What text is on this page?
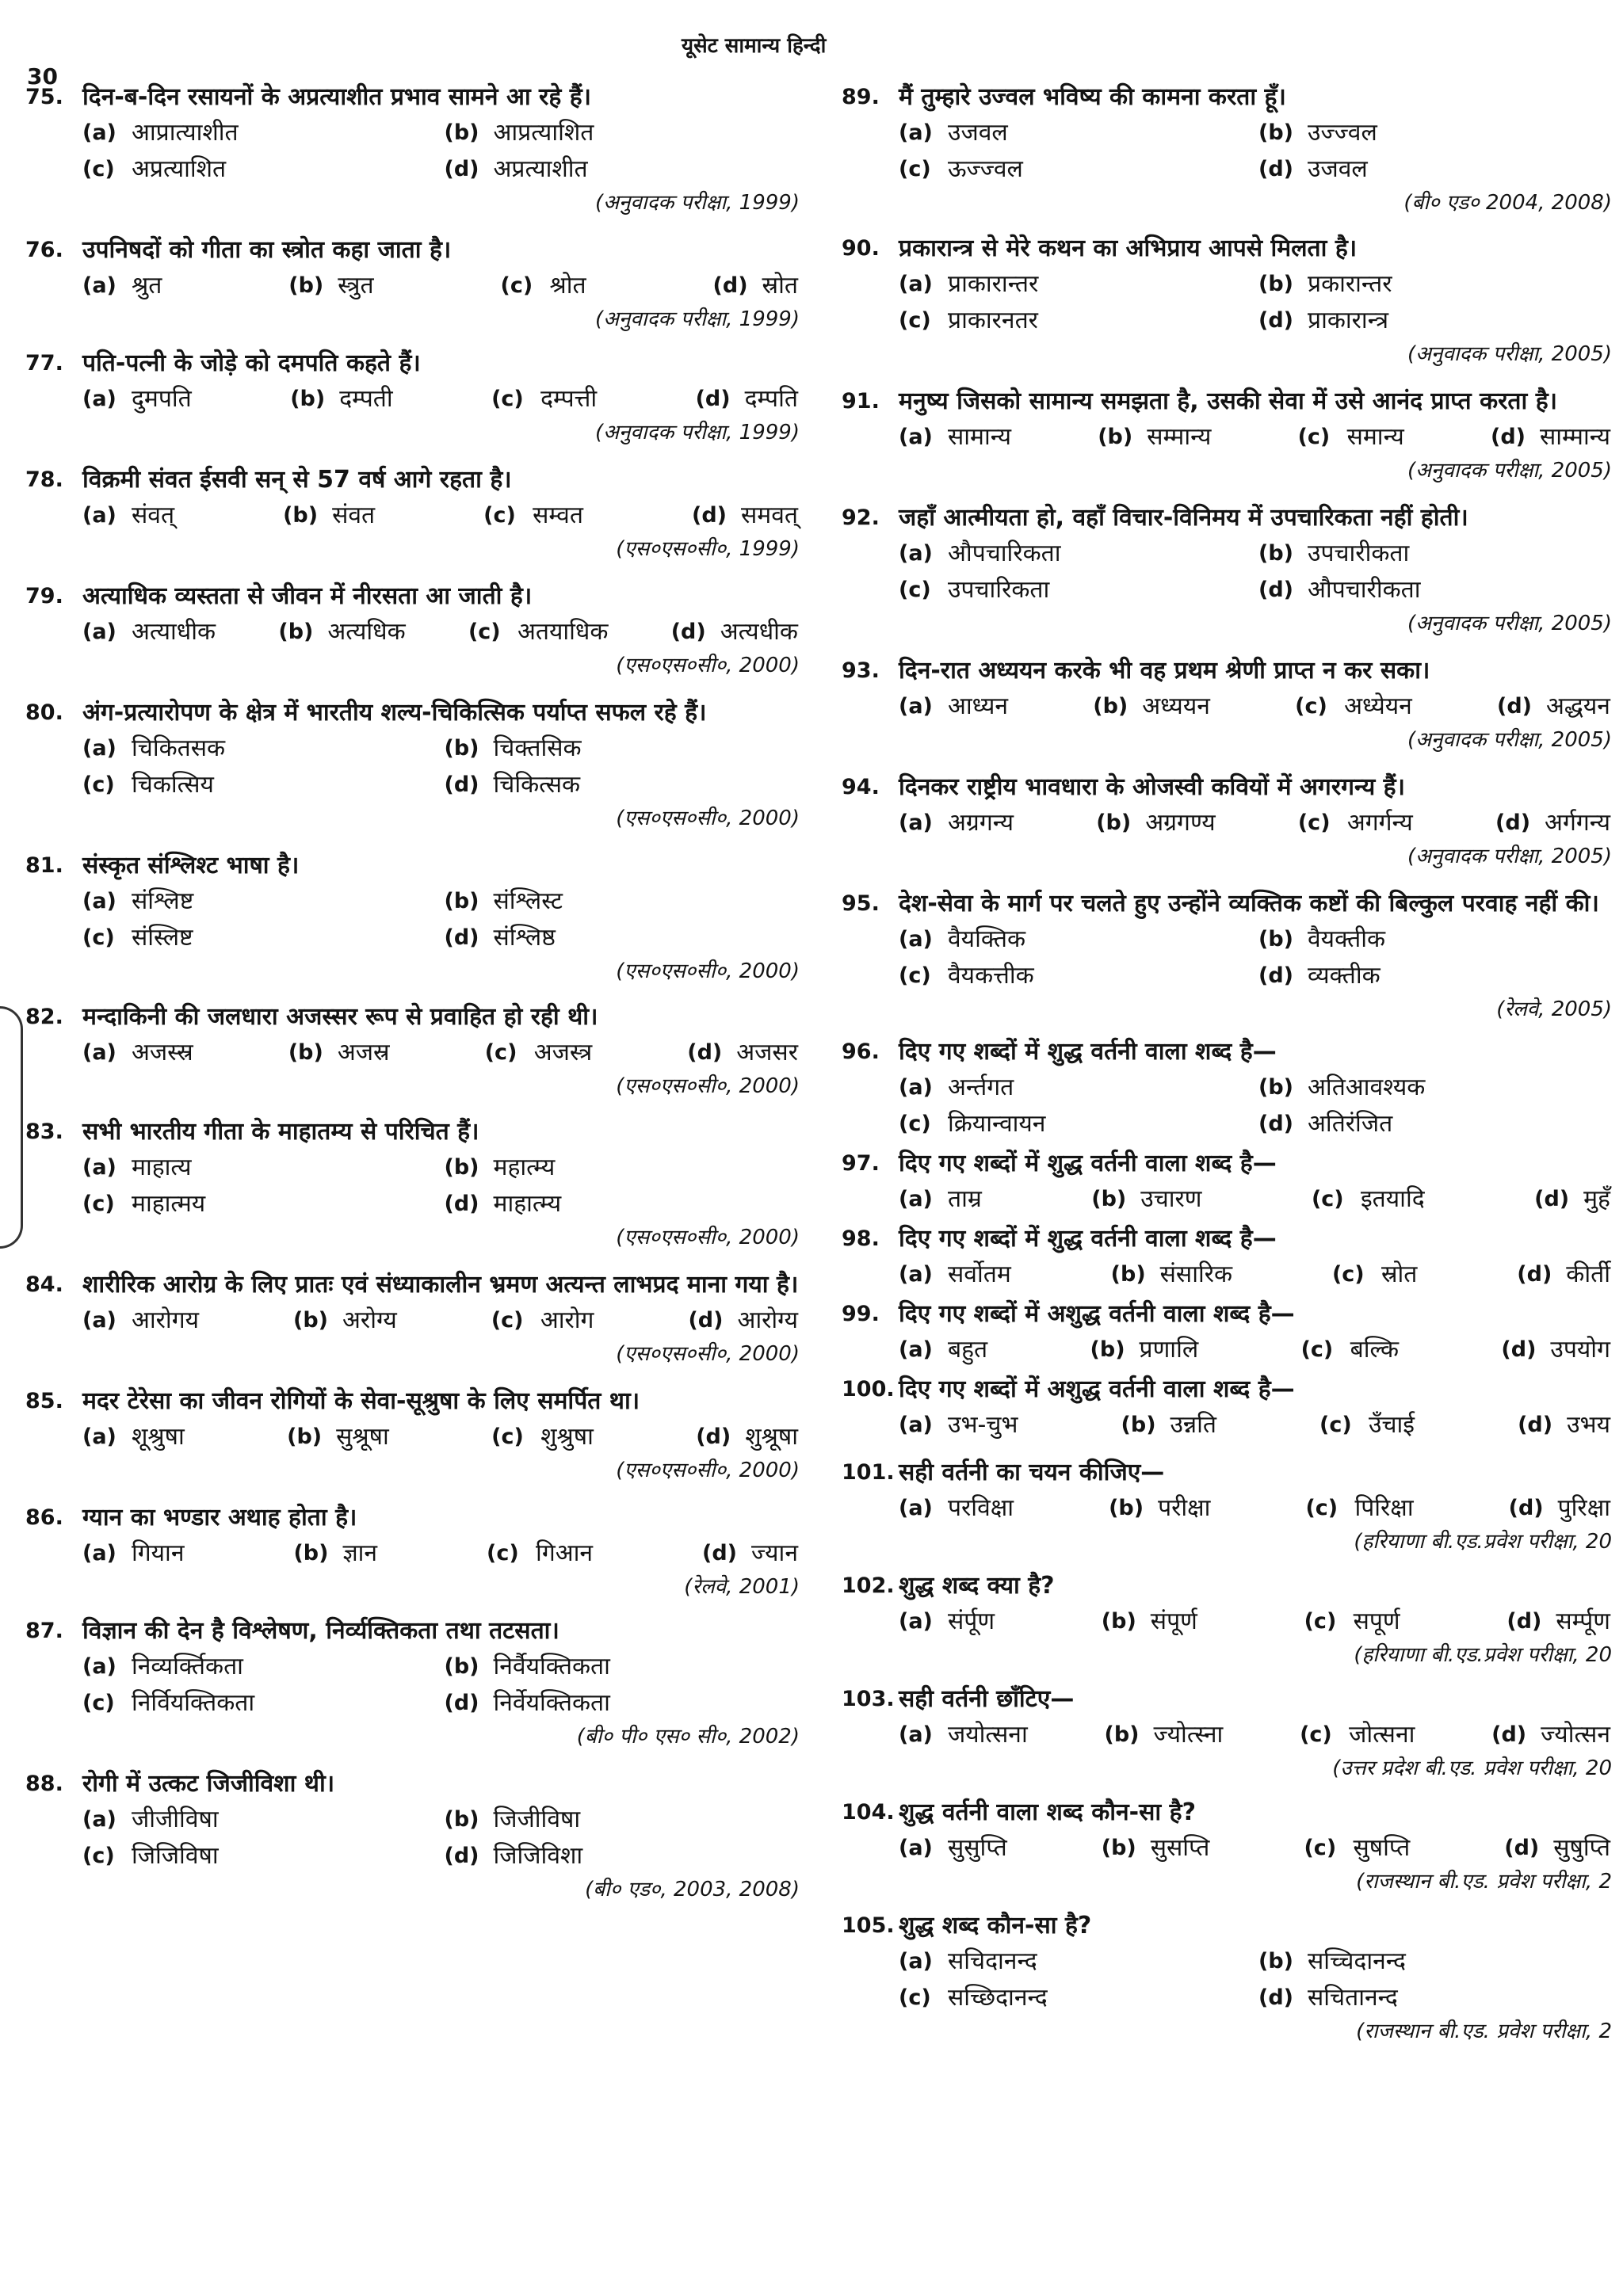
यूसेट सामान्य हिन्दी
30
75. दिन-ब-दिन रसायनों के अप्रत्याशीत प्रभाव सामने आ रहे हैं।
(a) आप्रात्याशीत	(b) आप्रत्याशित
(c) अप्रत्याशित	(d) अप्रत्याशीत
(अनुवादक परीक्षा, 1999)
76. उपनिषदों को गीता का स्त्रोत कहा जाता है।
(a) श्रुत	(b) स्त्रुत	(c) श्रोत	(d) स्रोत
(अनुवादक परीक्षा, 1999)
77. पति-पत्नी के जोड़े को दमपति कहते हैं।
(a) दुमपति	(b) दम्पती	(c) दम्पत्ती	(d) दम्पति
(अनुवादक परीक्षा, 1999)
78. विक्रमी संवत ईसवी सन् से 57 वर्ष आगे रहता है।
(a) संवत्	(b) संवत	(c) सम्वत	(d) समवत्
(एस०एस०सी०, 1999)
79. अत्याधिक व्यस्तता से जीवन में नीरसता आ जाती है।
(a) अत्याधीक	(b) अत्यधिक	(c) अतयाधिक	(d) अत्यधीक
(एस०एस०सी०, 2000)
80. अंग-प्रत्यारोपण के क्षेत्र में भारतीय शल्य-चिकित्सिक पर्याप्त सफल रहे हैं।
(a) चिकितसक	(b) चिक्तसिक
(c) चिकत्सिय	(d) चिकित्सक
(एस०एस०सी०, 2000)
81. संस्कृत संश्लिश्ट भाषा है।
(a) संश्लिष्ट	(b) संश्लिस्ट
(c) संस्लिष्ट	(d) संश्लिष्ठ
(एस०एस०सी०, 2000)
82. मन्दाकिनी की जलधारा अजस्सर रूप से प्रवाहित हो रही थी।
(a) अजस्स्र	(b) अजस्र	(c) अजस्त्र	(d) अजसर
(एस०एस०सी०, 2000)
83. सभी भारतीय गीता के माहातम्य से परिचित हैं।
(a) माहात्य	(b) महात्म्य
(c) माहात्मय	(d) माहात्म्य
(एस०एस०सी०, 2000)
84. शारीरिक आरोग्र के लिए प्रातः एवं संध्याकालीन भ्रमण अत्यन्त लाभप्रद माना गया है।
(a) आरोगय	(b) अरोग्य	(c) आरोग	(d) आरोग्य
(एस०एस०सी०, 2000)
85. मदर टेरेसा का जीवन रोगियों के सेवा-सूश्रुषा के लिए समर्पित था।
(a) शूश्रुषा	(b) सुश्रूषा	(c) शुश्रुषा	(d) शुश्रूषा
(एस०एस०सी०, 2000)
86. ग्यान का भण्डार अथाह होता है।
(a) गियान	(b) ज्ञान	(c) गिआन	(d) ज्यान
(रेलवे, 2001)
87. विज्ञान की देन है विश्लेषण, निर्व्यक्तिकता तथा तटसता।
(a) निव्यर्क्तिकता	(b) निर्वैयक्तिकता
(c) निर्वियक्तिकता	(d) निर्वेयक्तिकता
(बी० पी० एस० सी०, 2002)
88. रोगी में उत्कट जिजीविशा थी।
(a) जीजीविषा	(b) जिजीविषा
(c) जिजिविषा	(d) जिजिविशा
(बी० एड०, 2003, 2008)
89. मैं तुम्हारे उज्वल भविष्य की कामना करता हूँ।
(a) उजवल	(b) उज्ज्वल
(c) ऊज्ज्वल	(d) उजवल
(बी० एड० 2004, 2008)
90. प्रकारान्त्र से मेरे कथन का अभिप्राय आपसे मिलता है।
(a) प्राकारान्तर	(b) प्रकारान्तर
(c) प्राकारनतर	(d) प्राकारान्त्र
(अनुवादक परीक्षा, 2005)
91. मनुष्य जिसको सामान्य समझता है, उसकी सेवा में उसे आनंद प्राप्त करता है।
(a) सामान्य	(b) सम्मान्य	(c) समान्य	(d) साम्मान्य
(अनुवादक परीक्षा, 2005)
92. जहाँ आत्मीयता हो, वहाँ विचार-विनिमय में उपचारिकता नहीं होती।
(a) औपचारिकता	(b) उपचारीकता
(c) उपचारिकता	(d) औपचारीकता
(अनुवादक परीक्षा, 2005)
93. दिन-रात अध्ययन करके भी वह प्रथम श्रेणी प्राप्त न कर सका।
(a) आध्यन	(b) अध्ययन	(c) अध्येयन	(d) अद्धयन
(अनुवादक परीक्षा, 2005)
94. दिनकर राष्ट्रीय भावधारा के ओजस्वी कवियों में अगरगन्य हैं।
(a) अग्रगन्य	(b) अग्रगण्य	(c) अगर्गन्य	(d) अर्गगन्य
(अनुवादक परीक्षा, 2005)
95. देश-सेवा के मार्ग पर चलते हुए उन्होंने व्यक्तिक कष्टों की बिल्कुल परवाह नहीं की।
(a) वैयक्तिक	(b) वैयक्तीक
(c) वैयकत्तीक	(d) व्यक्तीक
(रेलवे, 2005)
96. दिए गए शब्दों में शुद्ध वर्तनी वाला शब्द है—
(a) अर्न्तगत	(b) अतिआवश्यक
(c) क्रियान्वायन	(d) अतिरंजित
97. दिए गए शब्दों में शुद्ध वर्तनी वाला शब्द है—
(a) ताम्र	(b) उचारण	(c) इतयादि	(d) मुहँ
98. दिए गए शब्दों में शुद्ध वर्तनी वाला शब्द है—
(a) सर्वोतम	(b) संसारिक	(c) स्रोत	(d) कीर्ती
99. दिए गए शब्दों में अशुद्ध वर्तनी वाला शब्द है—
(a) बहुत	(b) प्रणालि	(c) बल्कि	(d) उपयोग
100. दिए गए शब्दों में अशुद्ध वर्तनी वाला शब्द है—
(a) उभ-चुभ	(b) उन्नति	(c) उँचाई	(d) उभय
101. सही वर्तनी का चयन कीजिए—
(a) परविक्षा	(b) परीक्षा	(c) पिरिक्षा	(d) पुरिक्षा
(हरियाणा बी.एड.प्रवेश परीक्षा, 20
102. शुद्ध शब्द क्या है?
(a) संर्पूण	(b) संपूर्ण	(c) सपूर्ण	(d) सर्म्पूण
(हरियाणा बी.एड.प्रवेश परीक्षा, 20
103. सही वर्तनी छाँटिए—
(a) जयोत्सना	(b) ज्योत्स्ना	(c) जोत्सना	(d) ज्योत्सन
(उत्तर प्रदेश बी.एड. प्रवेश परीक्षा, 20
104. शुद्ध वर्तनी वाला शब्द कौन-सा है?
(a) सुसुप्ति	(b) सुसप्ति	(c) सुषप्ति	(d) सुषुप्ति
(राजस्थान बी.एड. प्रवेश परीक्षा, 2
105. शुद्ध शब्द कौन-सा है?
(a) सचिदानन्द	(b) सच्चिदानन्द
(c) सच्छिदानन्द	(d) सचितानन्द
(राजस्थान बी.एड. प्रवेश परीक्षा, 2
